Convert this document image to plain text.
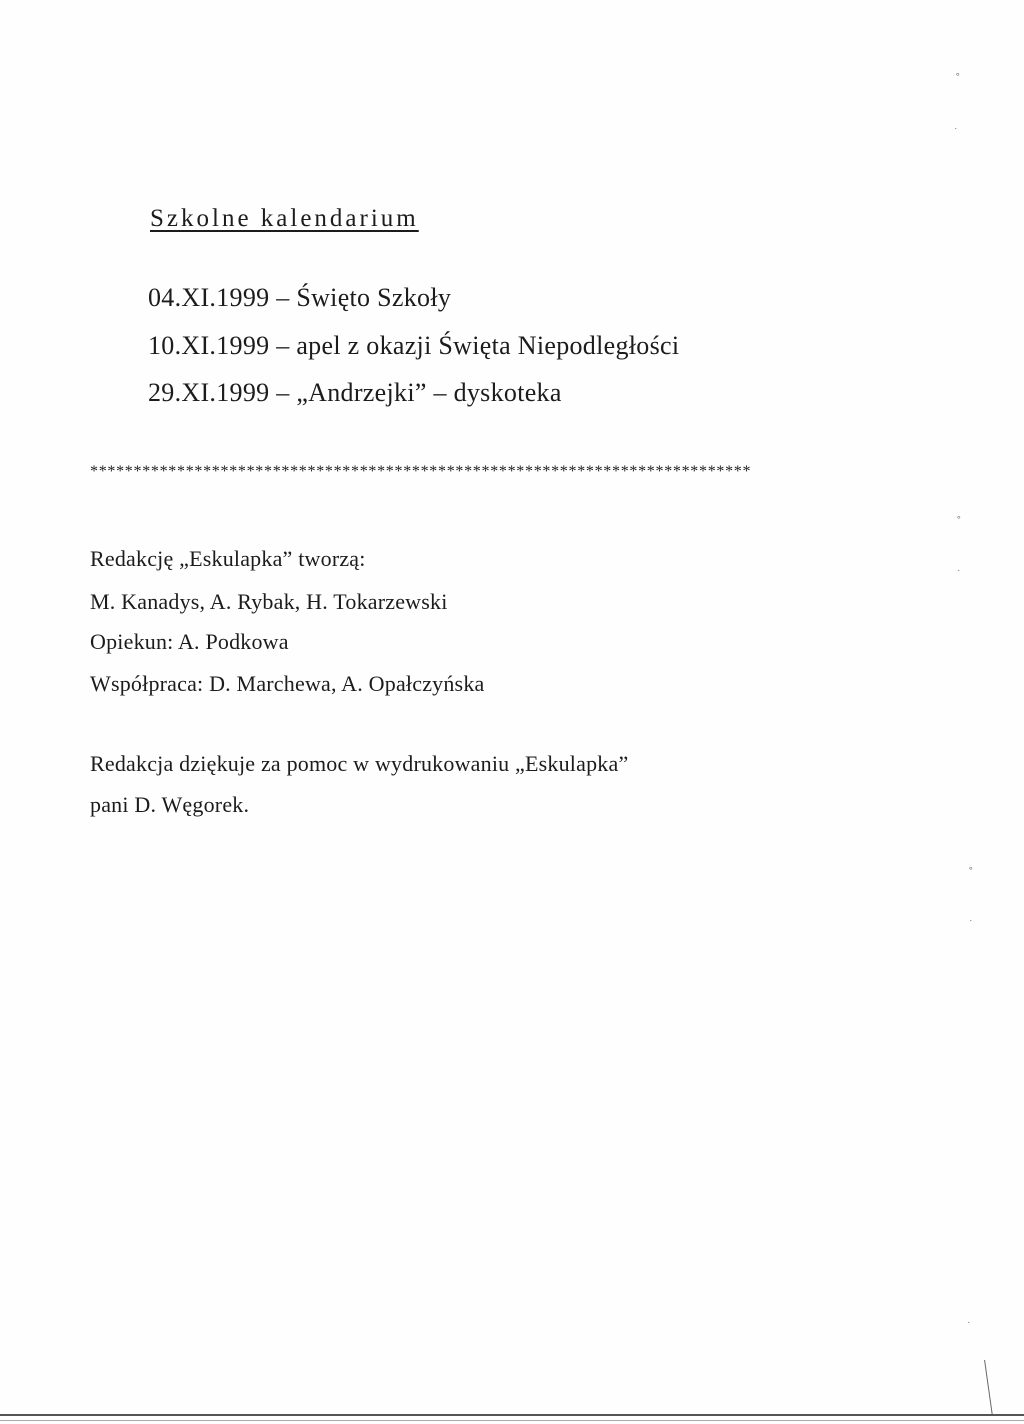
Szkolne kalendarium
04.XI.1999 – Święto Szkoły
10.XI.1999 – apel z okazji Święta Niepodległości
29.XI.1999 – „Andrzejki” – dyskoteka
****************************************************************************
Redakcję „Eskulapka” tworzą:
M. Kanadys, A. Rybak, H. Tokarzewski
Opiekun: A. Podkowa
Współpraca: D. Marchewa, A. Opałczyńska
Redakcja dziękuje za pomoc w wydrukowaniu „Eskulapka”
pani D. Węgorek.
˚
˙
˚
˙
˚
˙
˙
